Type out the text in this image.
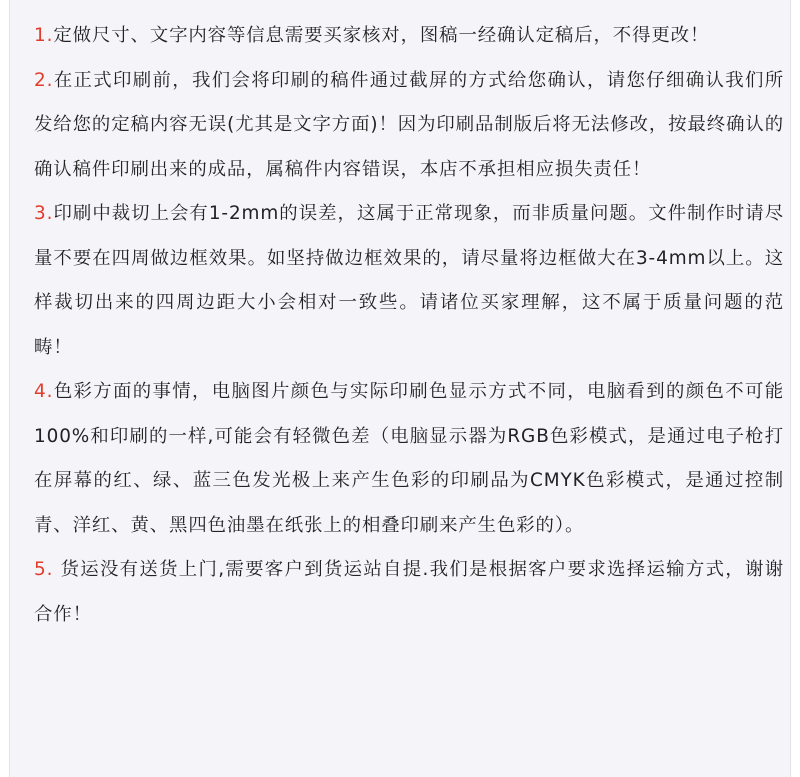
1.定做尺寸、文字内容等信息需要买家核对，图稿一经确认定稿后，不得更改！

2.在正式印刷前，我们会将印刷的稿件通过截屏的方式给您确认，请您仔细确认我们所发给您的定稿内容无误(尤其是文字方面)！因为印刷品制版后将无法修改，按最终确认的确认稿件印刷出来的成品，属稿件内容错误，本店不承担相应损失责任！

3.印刷中裁切上会有1-2mm的误差，这属于正常现象，而非质量问题。文件制作时请尽量不要在四周做边框效果。如坚持做边框效果的，请尽量将边框做大在3-4mm以上。这样裁切出来的四周边距大小会相对一致些。请诸位买家理解，这不属于质量问题的范畴！

4.色彩方面的事情，电脑图片颜色与实际印刷色显示方式不同，电脑看到的颜色不可能100%和印刷的一样,可能会有轻微色差（电脑显示器为RGB色彩模式，是通过电子枪打在屏幕的红、绿、蓝三色发光极上来产生色彩的印刷品为CMYK色彩模式，是通过控制青、洋红、黄、黑四色油墨在纸张上的相叠印刷来产生色彩的）。

5. 货运没有送货上门,需要客户到货运站自提.我们是根据客户要求选择运输方式，谢谢合作！
